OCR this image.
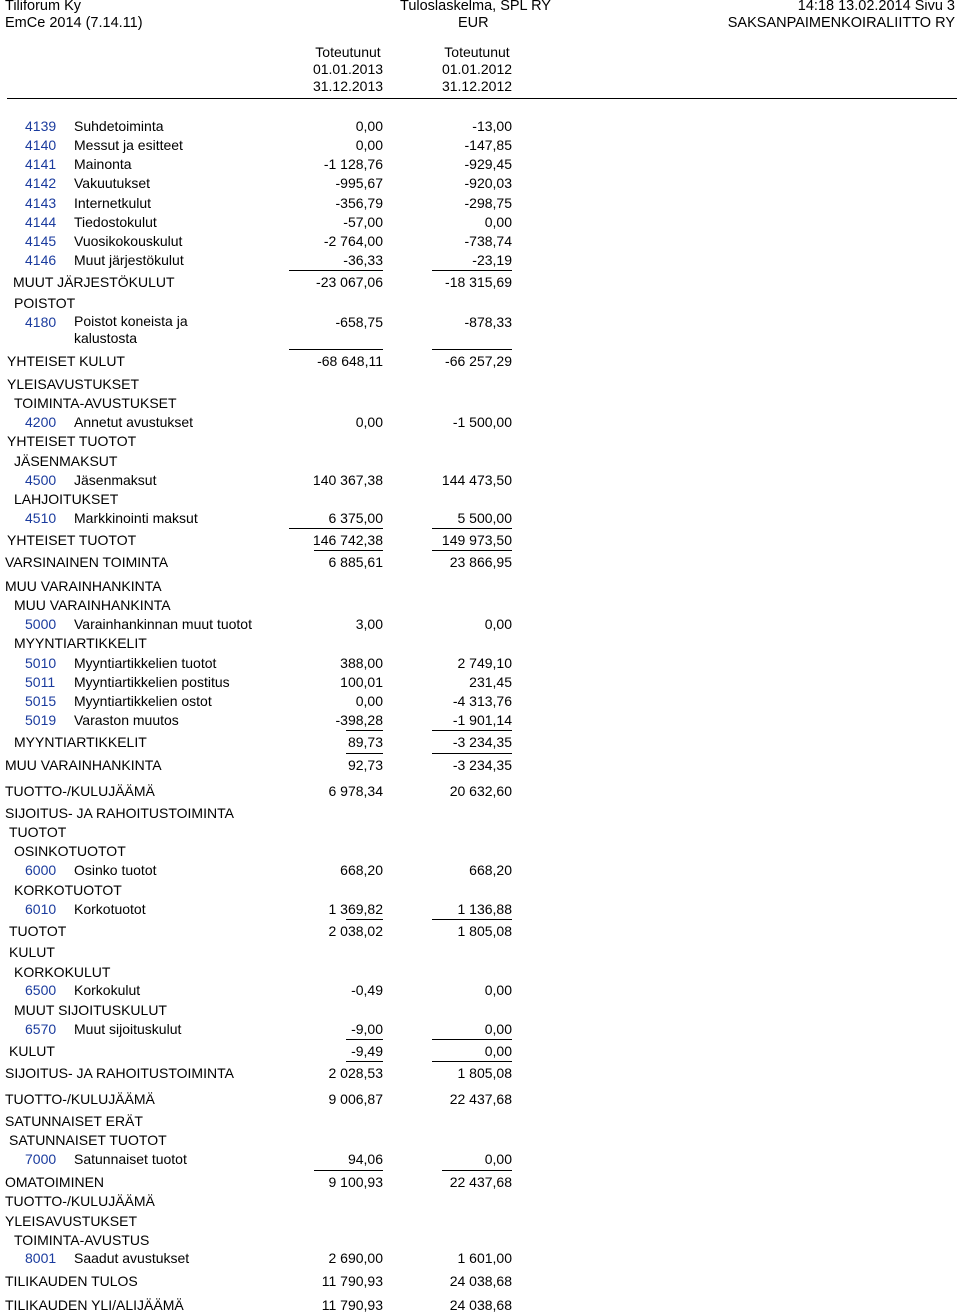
Tiliforum Ky
EmCe 2014 (7.14.11)
Tuloslaskelma, SPL RY
EUR
14:18 13.02.2014 Sivu 3
SAKSANPAIMENKOIRALIITTO RY
Toteutunut
01.01.2013
31.12.2013
Toteutunut
01.01.2012
31.12.2012
4139	Suhdetoiminta	0,00	-13,00
4140	Messut ja esitteet	0,00	-147,85
4141	Mainonta	-1 128,76	-929,45
4142	Vakuutukset	-995,67	-920,03
4143	Internetkulut	-356,79	-298,75
4144	Tiedostokulut	-57,00	0,00
4145	Vuosikokouskulut	-2 764,00	-738,74
4146	Muut järjestökulut	-36,33	-23,19
MUUT JÄRJESTÖKULUT	-23 067,06	-18 315,69
POISTOT
4180	Poistot koneista ja kalustosta
-658,75	-878,33
YHTEISET KULUT	-68 648,11	-66 257,29
YLEISAVUSTUKSET
TOIMINTA-AVUSTUKSET
4200	Annetut avustukset	0,00	-1 500,00
YHTEISET TUOTOT
JÄSENMAKSUT
4500	Jäsenmaksut	140 367,38	144 473,50
LAHJOITUKSET
4510	Markkinointi maksut	6 375,00	5 500,00
YHTEISET TUOTOT	146 742,38	149 973,50
VARSINAINEN TOIMINTA	6 885,61	23 866,95
MUU VARAINHANKINTA
MUU VARAINHANKINTA
5000	Varainhankinnan muut tuotot	3,00	0,00
MYYNTIARTIKKELIT
5010	Myyntiartikkelien tuotot	388,00	2 749,10
5011	Myyntiartikkelien postitus	100,01	231,45
5015	Myyntiartikkelien ostot	0,00	-4 313,76
5019	Varaston muutos	-398,28	-1 901,14
MYYNTIARTIKKELIT	89,73	-3 234,35
MUU VARAINHANKINTA	92,73	-3 234,35
TUOTTO-/KULUJÄÄMÄ	6 978,34	20 632,60
SIJOITUS- JA RAHOITUSTOIMINTA
TUOTOT
OSINKOTUOTOT
6000	Osinko tuotot	668,20	668,20
KORKOTUOTOT
6010	Korkotuotot	1 369,82	1 136,88
TUOTOT	2 038,02	1 805,08
KULUT
KORKOKULUT
6500	Korkokulut	-0,49	0,00
MUUT SIJOITUSKULUT
6570	Muut sijoituskulut	-9,00	0,00
KULUT	-9,49	0,00
SIJOITUS- JA RAHOITUSTOIMINTA	2 028,53	1 805,08
TUOTTO-/KULUJÄÄMÄ	9 006,87	22 437,68
SATUNNAISET ERÄT
SATUNNAISET TUOTOT
7000	Satunnaiset tuotot	94,06	0,00
OMATOIMINEN	9 100,93	22 437,68
TUOTTO-/KULUJÄÄMÄ
YLEISAVUSTUKSET
TOIMINTA-AVUSTUS
8001	Saadut avustukset	2 690,00	1 601,00
TILIKAUDEN TULOS	11 790,93	24 038,68
TILIKAUDEN YLI/ALIJÄÄMÄ	11 790,93	24 038,68
